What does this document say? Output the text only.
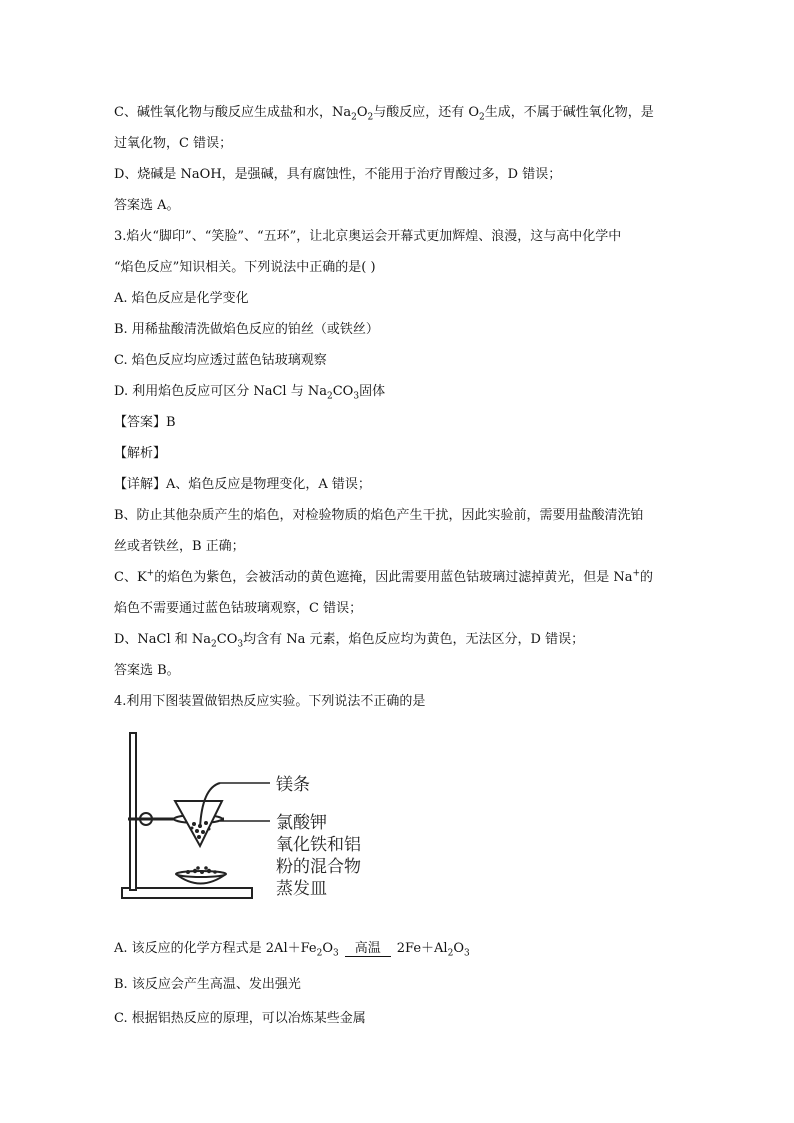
C、碱性氧化物与酸反应生成盐和水，$Na_2O_2$与酸反应，还有 $O_2$生成，不属于碱性氧化物，是
过氧化物，C 错误；
D、烧碱是 NaOH，是强碱，具有腐蚀性，不能用于治疗胃酸过多，D 错误；
答案选 A。
3.焰火“脚印”、“笑脸”、“五环”，让北京奥运会开幕式更加辉煌、浪漫，这与高中化学中
“焰色反应”知识相关。下列说法中正确的是( )
A. 焰色反应是化学变化
B. 用稀盐酸清洗做焰色反应的铂丝（或铁丝）
C. 焰色反应均应透过蓝色钴玻璃观察
D. 利用焰色反应可区分 NaCl 与 $Na_2CO_3$固体
【答案】B
【解析】
【详解】A、焰色反应是物理变化，A 错误；
B、防止其他杂质产生的焰色，对检验物质的焰色产生干扰，因此实验前，需要用盐酸清洗铂
丝或者铁丝，B 正确；
C、K+的焰色为紫色，会被活动的黄色遮掩，因此需要用蓝色钴玻璃过滤掉黄光，但是 Na+的
焰色不需要通过蓝色钴玻璃观察，C 错误；
D、NaCl 和 $Na_2CO_3$均含有 Na 元素，焰色反应均为黄色，无法区分，D 错误；
答案选 B。
4.利用下图装置做铝热反应实验。下列说法不正确的是
镁条
氯酸钾
氧化铁和铝
粉的混合物
蒸发皿
A. 该反应的化学方程式是 $2Al+Fe_2O_3$ 高温 $2Fe+Al_2O_3$
B. 该反应会产生高温、发出强光
C. 根据铝热反应的原理，可以冶炼某些金属
